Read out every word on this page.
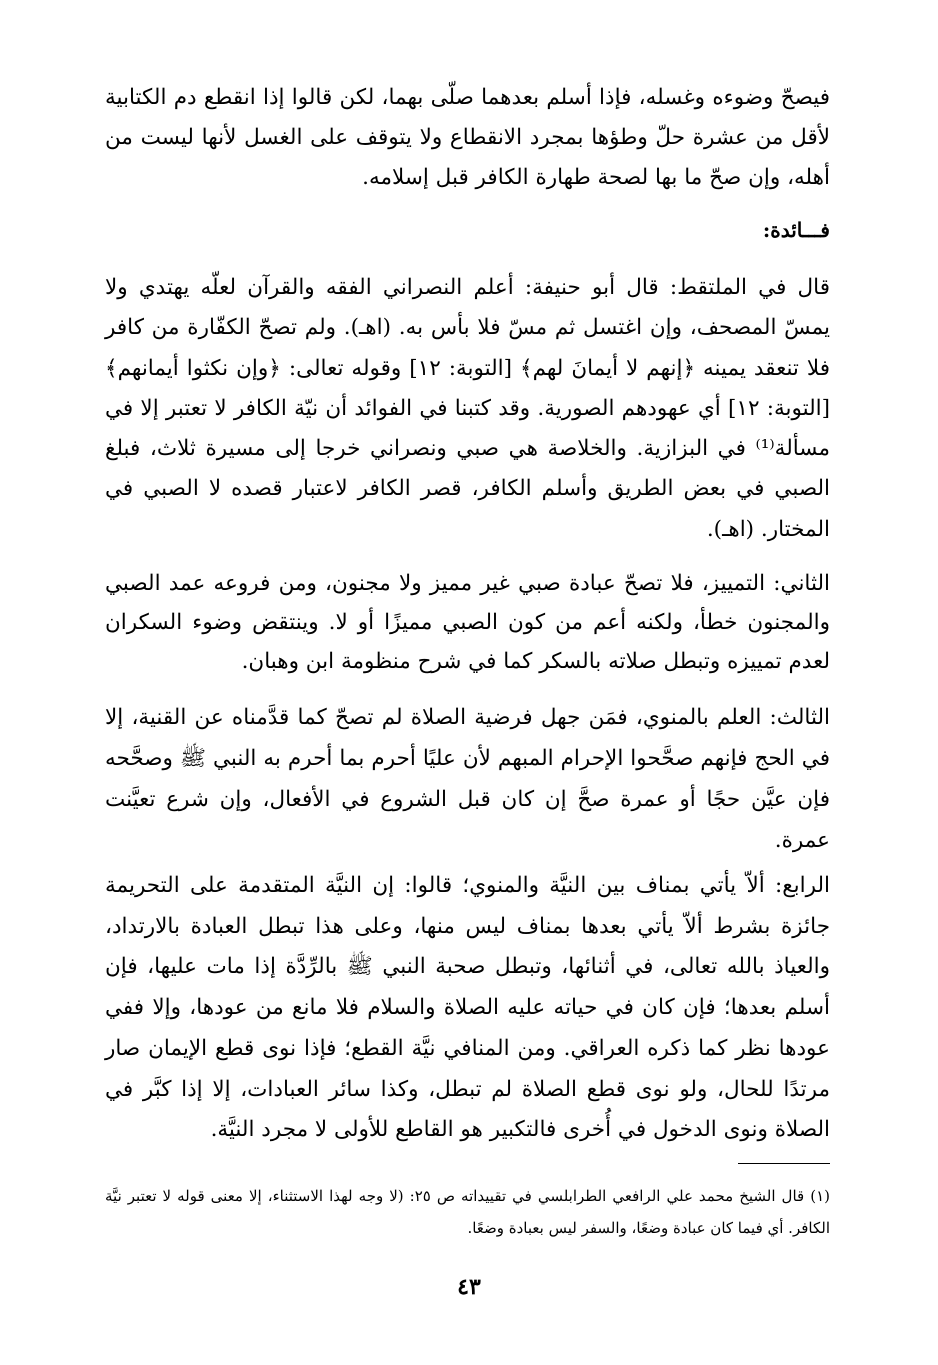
فيصحّ وضوءه وغسله، فإذا أسلم بعدهما صلّى بهما، لكن قالوا إذا انقطع دم الكتابية لأقل من عشرة حلّ وطؤها بمجرد الانقطاع ولا يتوقف على الغسل لأنها ليست من أهله، وإن صحّ ما بها لصحة طهارة الكافر قبل إسلامه.

فـــائدة:

قال في الملتقط: قال أبو حنيفة: أعلم النصراني الفقه والقرآن لعلّه يهتدي ولا يمسّ المصحف، وإن اغتسل ثم مسّ فلا بأس به. (اهـ). ولم تصحّ الكفّارة من كافر فلا تنعقد يمينه ﴿إنهم لا أيمانَ لهم﴾ [التوبة: ١٢] وقوله تعالى: ﴿وإن نكثوا أيمانهم﴾ [التوبة: ١٢] أي عهودهم الصورية. وقد كتبنا في الفوائد أن نيّة الكافر لا تعتبر إلا في مسألة⁽¹⁾ في البزازية. والخلاصة هي صبي ونصراني خرجا إلى مسيرة ثلاث، فبلغ الصبي في بعض الطريق وأسلم الكافر، قصر الكافر لاعتبار قصده لا الصبي في المختار. (اهـ).

الثاني: التمييز، فلا تصحّ عبادة صبي غير مميز ولا مجنون، ومن فروعه عمد الصبي والمجنون خطأ، ولكنه أعم من كون الصبي مميزًا أو لا. وينتقض وضوء السكران لعدم تمييزه وتبطل صلاته بالسكر كما في شرح منظومة ابن وهبان.

الثالث: العلم بالمنوي، فمَن جهل فرضية الصلاة لم تصحّ كما قدَّمناه عن القنية، إلا في الحج فإنهم صحَّحوا الإحرام المبهم لأن عليًا أحرم بما أحرم به النبي ﷺ وصحَّحه فإن عيَّن حجًا أو عمرة صحَّ إن كان قبل الشروع في الأفعال، وإن شرع تعيَّنت عمرة.

الرابع: ألاّ يأتي بمناف بين النيَّة والمنوي؛ قالوا: إن النيَّة المتقدمة على التحريمة جائزة بشرط ألاّ يأتي بعدها بمناف ليس منها، وعلى هذا تبطل العبادة بالارتداد، والعياذ بالله تعالى، في أثنائها، وتبطل صحبة النبي ﷺ بالرِّدَّة إذا مات عليها، فإن أسلم بعدها؛ فإن كان في حياته عليه الصلاة والسلام فلا مانع من عودها، وإلا ففي عودها نظر كما ذكره العراقي. ومن المنافي نيَّة القطع؛ فإذا نوى قطع الإيمان صار مرتدًا للحال، ولو نوى قطع الصلاة لم تبطل، وكذا سائر العبادات، إلا إذا كبَّر في الصلاة ونوى الدخول في أُخرى فالتكبير هو القاطع للأولى لا مجرد النيَّة.

(١) قال الشيخ محمد علي الرافعي الطرابلسي في تقييداته ص ٢٥: (لا وجه لهذا الاستثناء، إلا معنى قوله لا تعتبر نيَّة الكافر. أي فيما كان عبادة وضعًا، والسفر ليس بعبادة وضعًا.

٤٣
